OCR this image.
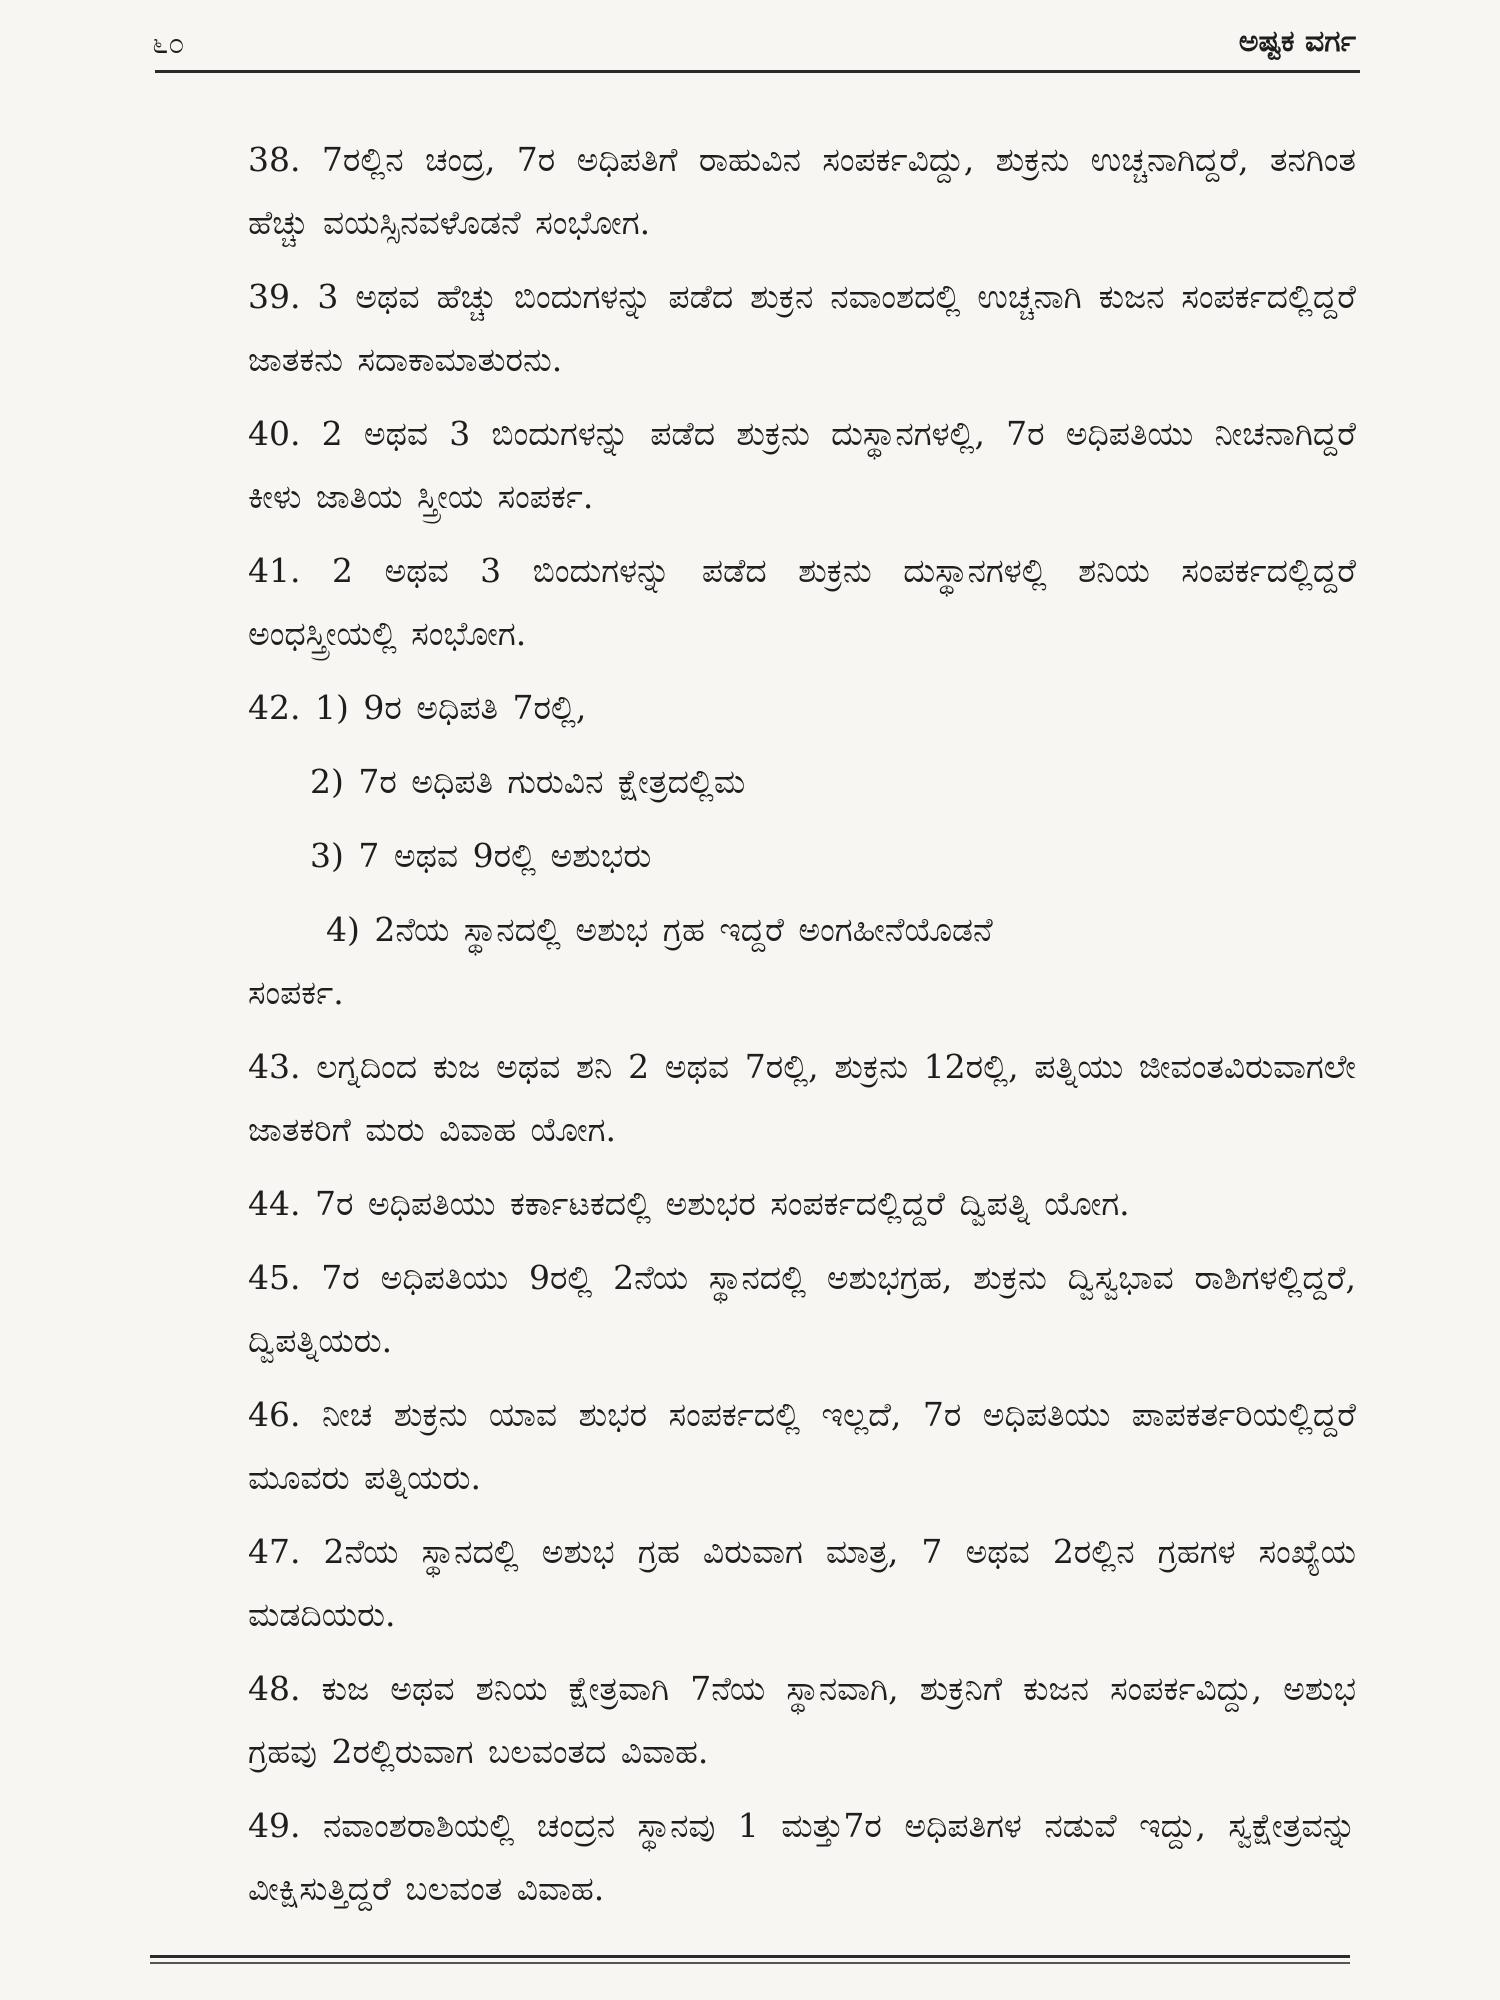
೬೦	ಅಷ್ಟಕ ವರ್ಗ

38. 7ರಲ್ಲಿನ ಚಂದ್ರ, 7ರ ಅಧಿಪತಿಗೆ ರಾಹುವಿನ ಸಂಪರ್ಕವಿದ್ದು, ಶುಕ್ರನು ಉಚ್ಚನಾಗಿದ್ದರೆ, ತನಗಿಂತ ಹೆಚ್ಚು ವಯಸ್ಸಿನವಳೊಡನೆ ಸಂಭೋಗ.

39. 3 ಅಥವ ಹೆಚ್ಚು ಬಿಂದುಗಳನ್ನು ಪಡೆದ ಶುಕ್ರನ ನವಾಂಶದಲ್ಲಿ ಉಚ್ಚನಾಗಿ ಕುಜನ ಸಂಪರ್ಕದಲ್ಲಿದ್ದರೆ ಜಾತಕನು ಸದಾಕಾಮಾತುರನು.

40. 2 ಅಥವ 3 ಬಿಂದುಗಳನ್ನು ಪಡೆದ ಶುಕ್ರನು ದುಸ್ಥಾನಗಳಲ್ಲಿ, 7ರ ಅಧಿಪತಿಯು ನೀಚನಾಗಿದ್ದರೆ ಕೀಳು ಜಾತಿಯ ಸ್ತ್ರೀಯ ಸಂಪರ್ಕ.

41. 2 ಅಥವ 3 ಬಿಂದುಗಳನ್ನು ಪಡೆದ ಶುಕ್ರನು ದುಸ್ಥಾನಗಳಲ್ಲಿ ಶನಿಯ ಸಂಪರ್ಕದಲ್ಲಿದ್ದರೆ ಅಂಧಸ್ತ್ರೀಯಲ್ಲಿ ಸಂಭೋಗ.

42. 1) 9ರ ಅಧಿಪತಿ 7ರಲ್ಲಿ,

2) 7ರ ಅಧಿಪತಿ ಗುರುವಿನ ಕ್ಷೇತ್ರದಲ್ಲಿಮ

3) 7 ಅಥವ 9ರಲ್ಲಿ ಅಶುಭರು

4) 2ನೆಯ ಸ್ಥಾನದಲ್ಲಿ ಅಶುಭ ಗ್ರಹ ಇದ್ದರೆ ಅಂಗಹೀನೆಯೊಡನೆ
ಸಂಪರ್ಕ.

43. ಲಗ್ನದಿಂದ ಕುಜ ಅಥವ ಶನಿ 2 ಅಥವ 7ರಲ್ಲಿ, ಶುಕ್ರನು 12ರಲ್ಲಿ, ಪತ್ನಿಯು ಜೀವಂತವಿರುವಾಗಲೇ ಜಾತಕರಿಗೆ ಮರು ವಿವಾಹ ಯೋಗ.

44. 7ರ ಅಧಿಪತಿಯು ಕರ್ಕಾಟಕದಲ್ಲಿ ಅಶುಭರ ಸಂಪರ್ಕದಲ್ಲಿದ್ದರೆ ದ್ವಿಪತ್ನಿ ಯೋಗ.

45. 7ರ ಅಧಿಪತಿಯು 9ರಲ್ಲಿ 2ನೆಯ ಸ್ಥಾನದಲ್ಲಿ ಅಶುಭಗ್ರಹ, ಶುಕ್ರನು ದ್ವಿಸ್ವಭಾವ ರಾಶಿಗಳಲ್ಲಿದ್ದರೆ, ದ್ವಿಪತ್ನಿಯರು.

46. ನೀಚ ಶುಕ್ರನು ಯಾವ ಶುಭರ ಸಂಪರ್ಕದಲ್ಲಿ ಇಲ್ಲದೆ, 7ರ ಅಧಿಪತಿಯು ಪಾಪಕರ್ತರಿಯಲ್ಲಿದ್ದರೆ ಮೂವರು ಪತ್ನಿಯರು.

47. 2ನೆಯ ಸ್ಥಾನದಲ್ಲಿ ಅಶುಭ ಗ್ರಹ ವಿರುವಾಗ ಮಾತ್ರ, 7 ಅಥವ 2ರಲ್ಲಿನ ಗ್ರಹಗಳ ಸಂಖ್ಯೆಯ ಮಡದಿಯರು.

48. ಕುಜ ಅಥವ ಶನಿಯ ಕ್ಷೇತ್ರವಾಗಿ 7ನೆಯ ಸ್ಥಾನವಾಗಿ, ಶುಕ್ರನಿಗೆ ಕುಜನ ಸಂಪರ್ಕವಿದ್ದು, ಅಶುಭ ಗ್ರಹವು 2ರಲ್ಲಿರುವಾಗ ಬಲವಂತದ ವಿವಾಹ.

49. ನವಾಂಶರಾಶಿಯಲ್ಲಿ ಚಂದ್ರನ ಸ್ಥಾನವು 1 ಮತ್ತು7ರ ಅಧಿಪತಿಗಳ ನಡುವೆ ಇದ್ದು, ಸ್ವಕ್ಷೇತ್ರವನ್ನು ವೀಕ್ಷಿಸುತ್ತಿದ್ದರೆ ಬಲವಂತ ವಿವಾಹ.
